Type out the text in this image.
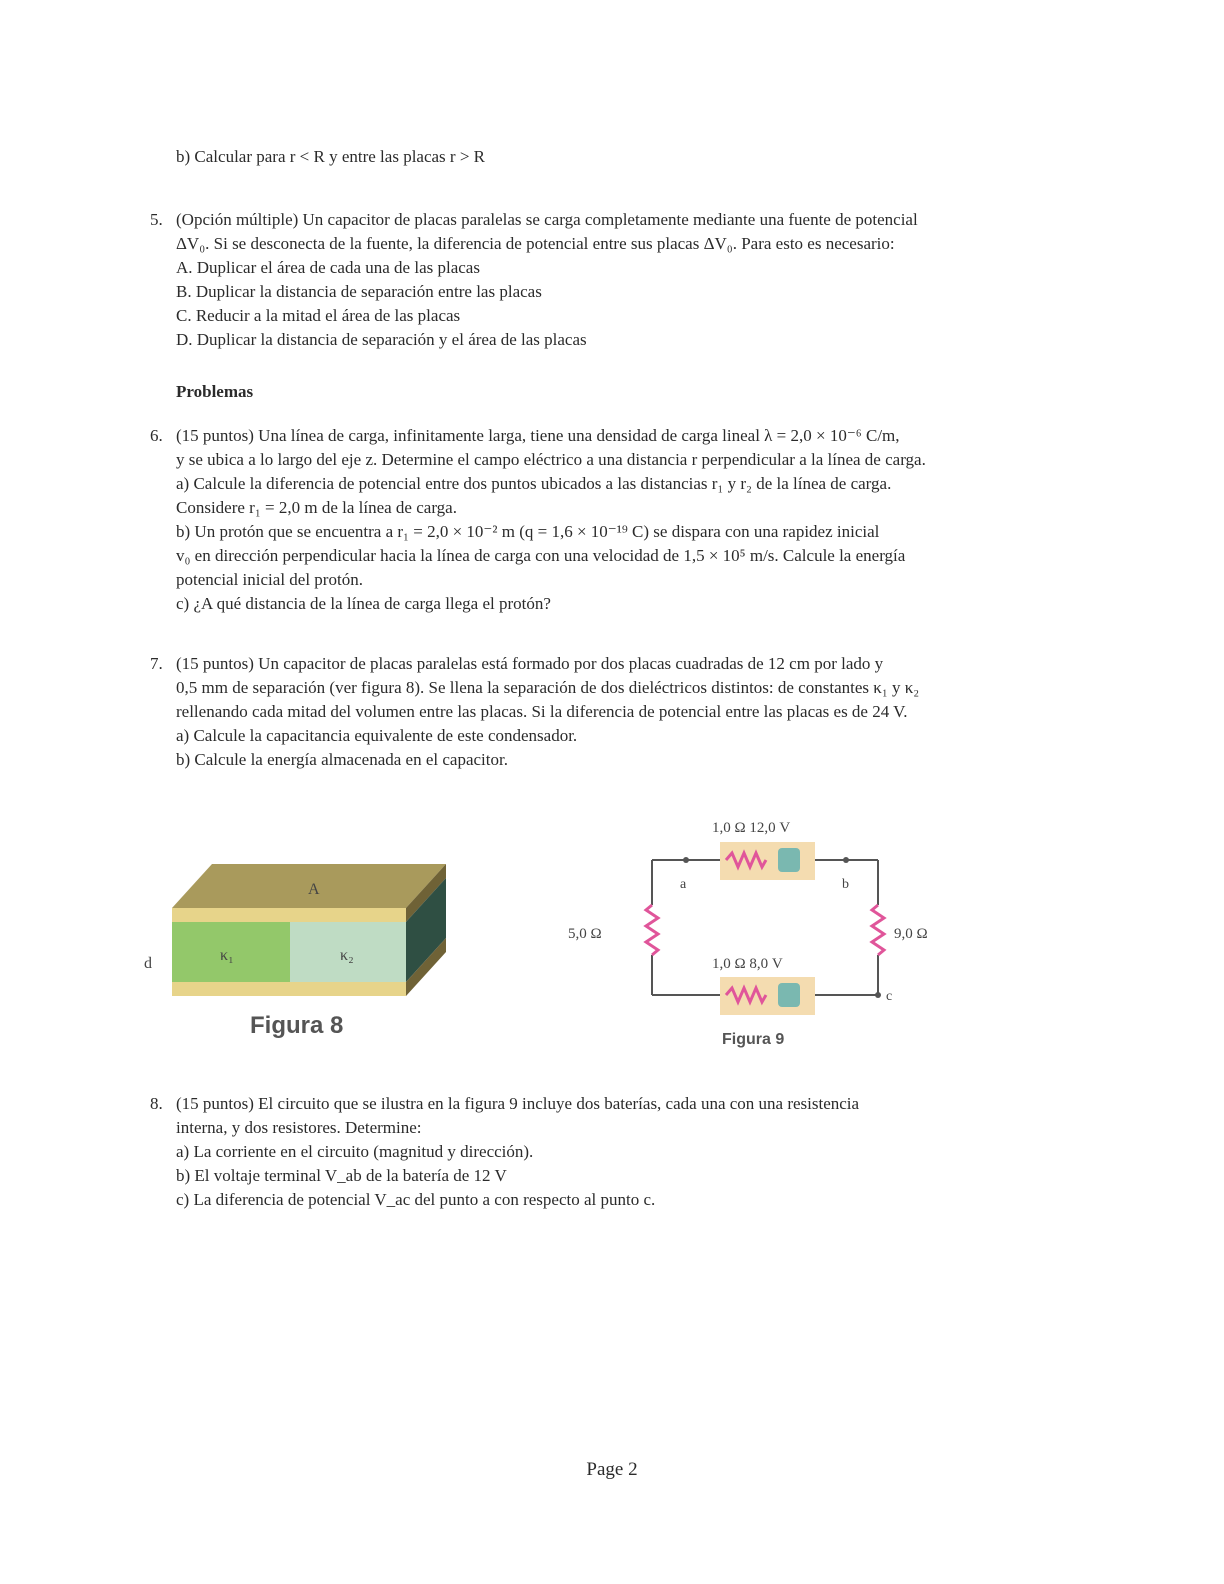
b) Calcular para r < R y entre las placas r > R
5. (Opción múltiple) Un capacitor de placas paralelas se carga completamente mediante una fuente de potencial
ΔV₀. Si se desconecta de la fuente, la diferencia de potencial entre sus placas ΔV₀. Para esto es necesario:
A. Duplicar el área de cada una de las placas
B. Duplicar la distancia de separación entre las placas
C. Reducir a la mitad el área de las placas
D. Duplicar la distancia de separación y el área de las placas
Problemas
6. (15 puntos) Una línea de carga, infinitamente larga, tiene una densidad de carga lineal λ = 2,0 × 10⁻⁶ C/m,
y se ubica a lo largo del eje z. Determine el campo eléctrico a una distancia r perpendicular a la línea de carga.
a) Calcule la diferencia de potencial entre dos puntos ubicados a las distancias r₁ y r₂ de la línea de carga.
Considere r₁ = 2,0 m de la línea de carga.
b) Un protón que se encuentra a r₁ = 2,0 × 10⁻² m (q = 1,6 × 10⁻¹⁹ C) se dispara con una rapidez inicial
v₀ en dirección perpendicular hacia la línea de carga con una velocidad de 1,5 × 10⁵ m/s. Calcule la energía
potencial inicial del protón.
c) ¿A qué distancia de la línea de carga llega el protón?
7. (15 puntos) Un capacitor de placas paralelas está formado por dos placas cuadradas de 12 cm por lado y
0,5 mm de separación (ver figura 8). Se llena la separación de dos dieléctricos distintos: de constantes κ₁ y κ₂
rellenando cada mitad del volumen entre las placas. Si la diferencia de potencial entre las placas es de 24 V.
a) Calcule la capacitancia equivalente de este condensador.
b) Calcule la energía almacenada en el capacitor.
A
κ₁	κ₂
d
Figura 8
1,0 Ω 12,0 V
1,0 Ω 8,0 V
5,0 Ω	9,0 Ω
a	b
c
Figura 9
8. (15 puntos) El circuito que se ilustra en la figura 9 incluye dos baterías, cada una con una resistencia
interna, y dos resistores. Determine:
a) La corriente en el circuito (magnitud y dirección).
b) El voltaje terminal V_ab de la batería de 12 V
c) La diferencia de potencial V_ac del punto a con respecto al punto c.
Page 2
